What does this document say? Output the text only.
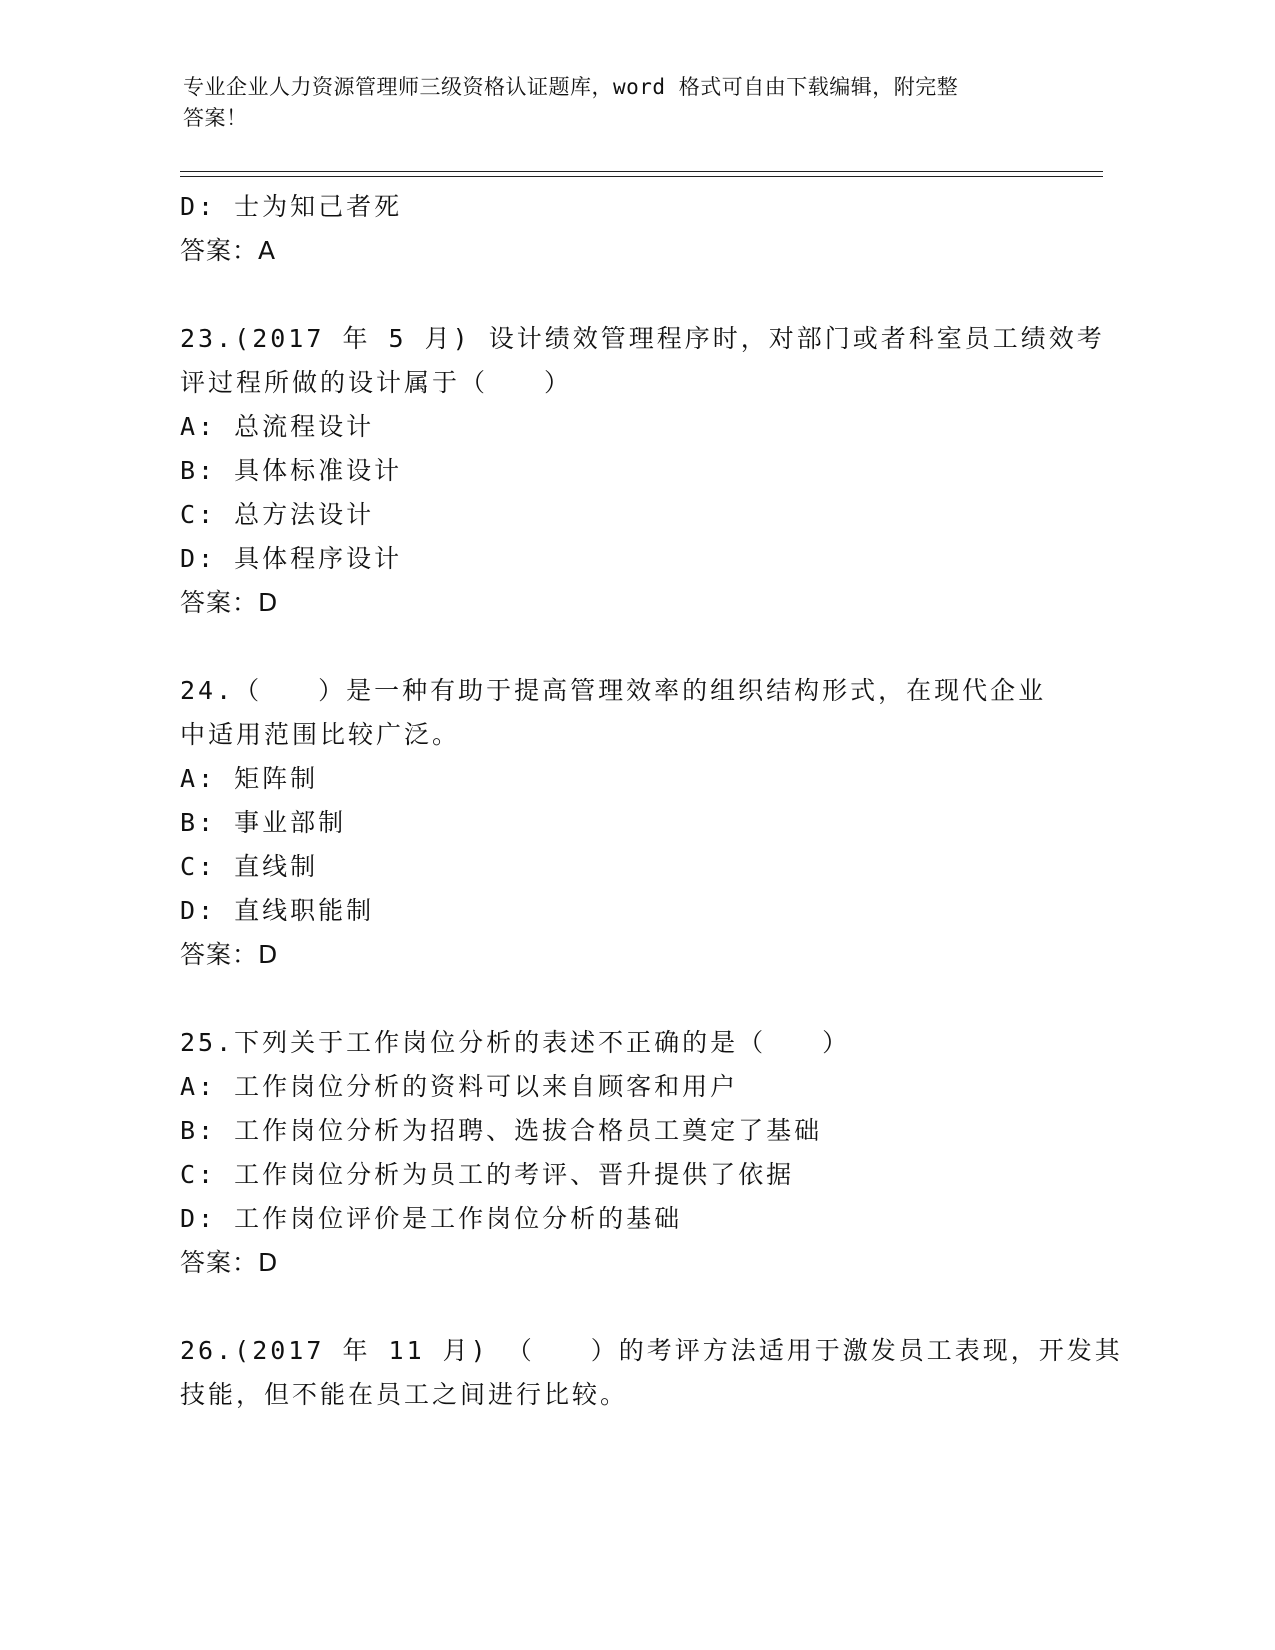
专业企业人力资源管理师三级资格认证题库，word 格式可自由下载编辑，附完整
答案！
D: 士为知己者死
答案：A
23.(2017 年 5 月) 设计绩效管理程序时，对部门或者科室员工绩效考
评过程所做的设计属于（　　）
A: 总流程设计
B: 具体标准设计
C: 总方法设计
D: 具体程序设计
答案：D
24.（　　）是一种有助于提高管理效率的组织结构形式，在现代企业
中适用范围比较广泛。
A: 矩阵制
B: 事业部制
C: 直线制
D: 直线职能制
答案：D
25.下列关于工作岗位分析的表述不正确的是（　　）
A: 工作岗位分析的资料可以来自顾客和用户
B: 工作岗位分析为招聘、选拔合格员工奠定了基础
C: 工作岗位分析为员工的考评、晋升提供了依据
D: 工作岗位评价是工作岗位分析的基础
答案：D
26.(2017 年 11 月) （　　）的考评方法适用于激发员工表现，开发其
技能，但不能在员工之间进行比较。
